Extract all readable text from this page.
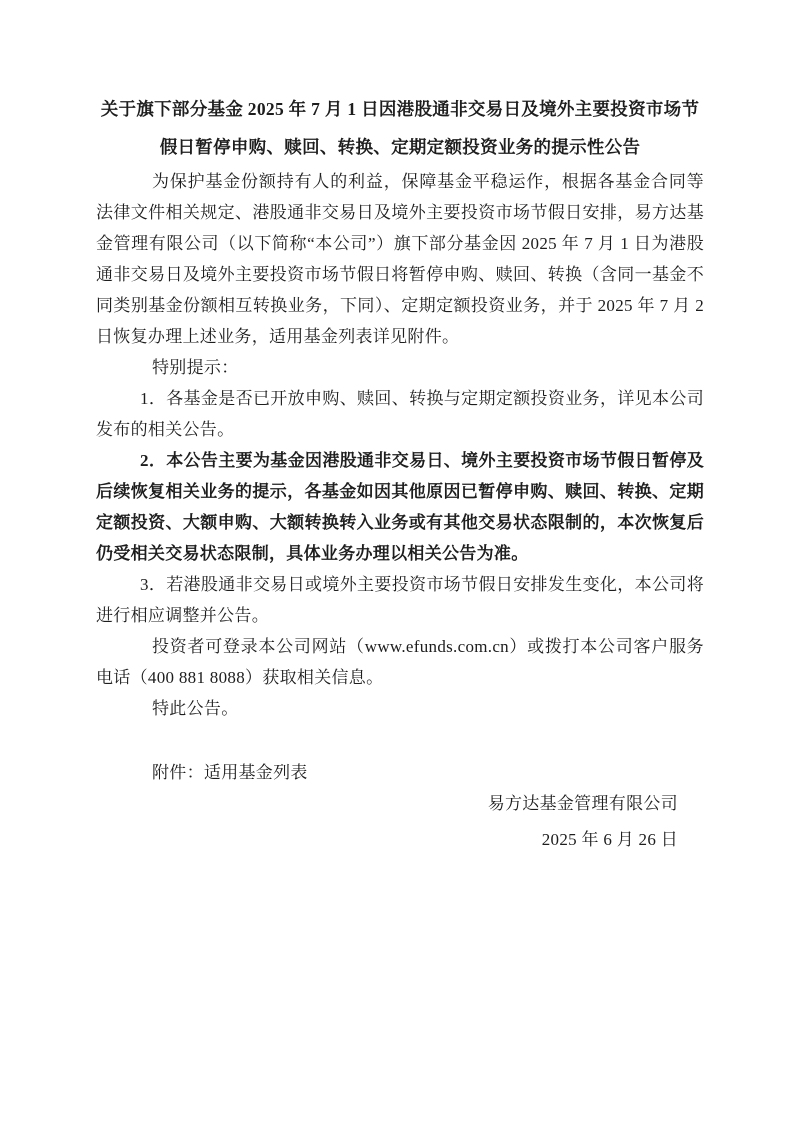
关于旗下部分基金 2025 年 7 月 1 日因港股通非交易日及境外主要投资市场节
假日暂停申购、赎回、转换、定期定额投资业务的提示性公告

为保护基金份额持有人的利益，保障基金平稳运作，根据各基金合同等法律文件相关规定、港股通非交易日及境外主要投资市场节假日安排，易方达基金管理有限公司（以下简称“本公司”）旗下部分基金因 2025 年 7 月 1 日为港股通非交易日及境外主要投资市场节假日将暂停申购、赎回、转换（含同一基金不同类别基金份额相互转换业务，下同）、定期定额投资业务，并于 2025 年 7 月 2 日恢复办理上述业务，适用基金列表详见附件。

特别提示：

1．各基金是否已开放申购、赎回、转换与定期定额投资业务，详见本公司发布的相关公告。

2．本公告主要为基金因港股通非交易日、境外主要投资市场节假日暂停及后续恢复相关业务的提示，各基金如因其他原因已暂停申购、赎回、转换、定期定额投资、大额申购、大额转换转入业务或有其他交易状态限制的，本次恢复后仍受相关交易状态限制，具体业务办理以相关公告为准。

3．若港股通非交易日或境外主要投资市场节假日安排发生变化，本公司将进行相应调整并公告。

投资者可登录本公司网站（www.efunds.com.cn）或拨打本公司客户服务电话（400 881 8088）获取相关信息。

特此公告。

附件：适用基金列表

易方达基金管理有限公司

2025 年 6 月 26 日
